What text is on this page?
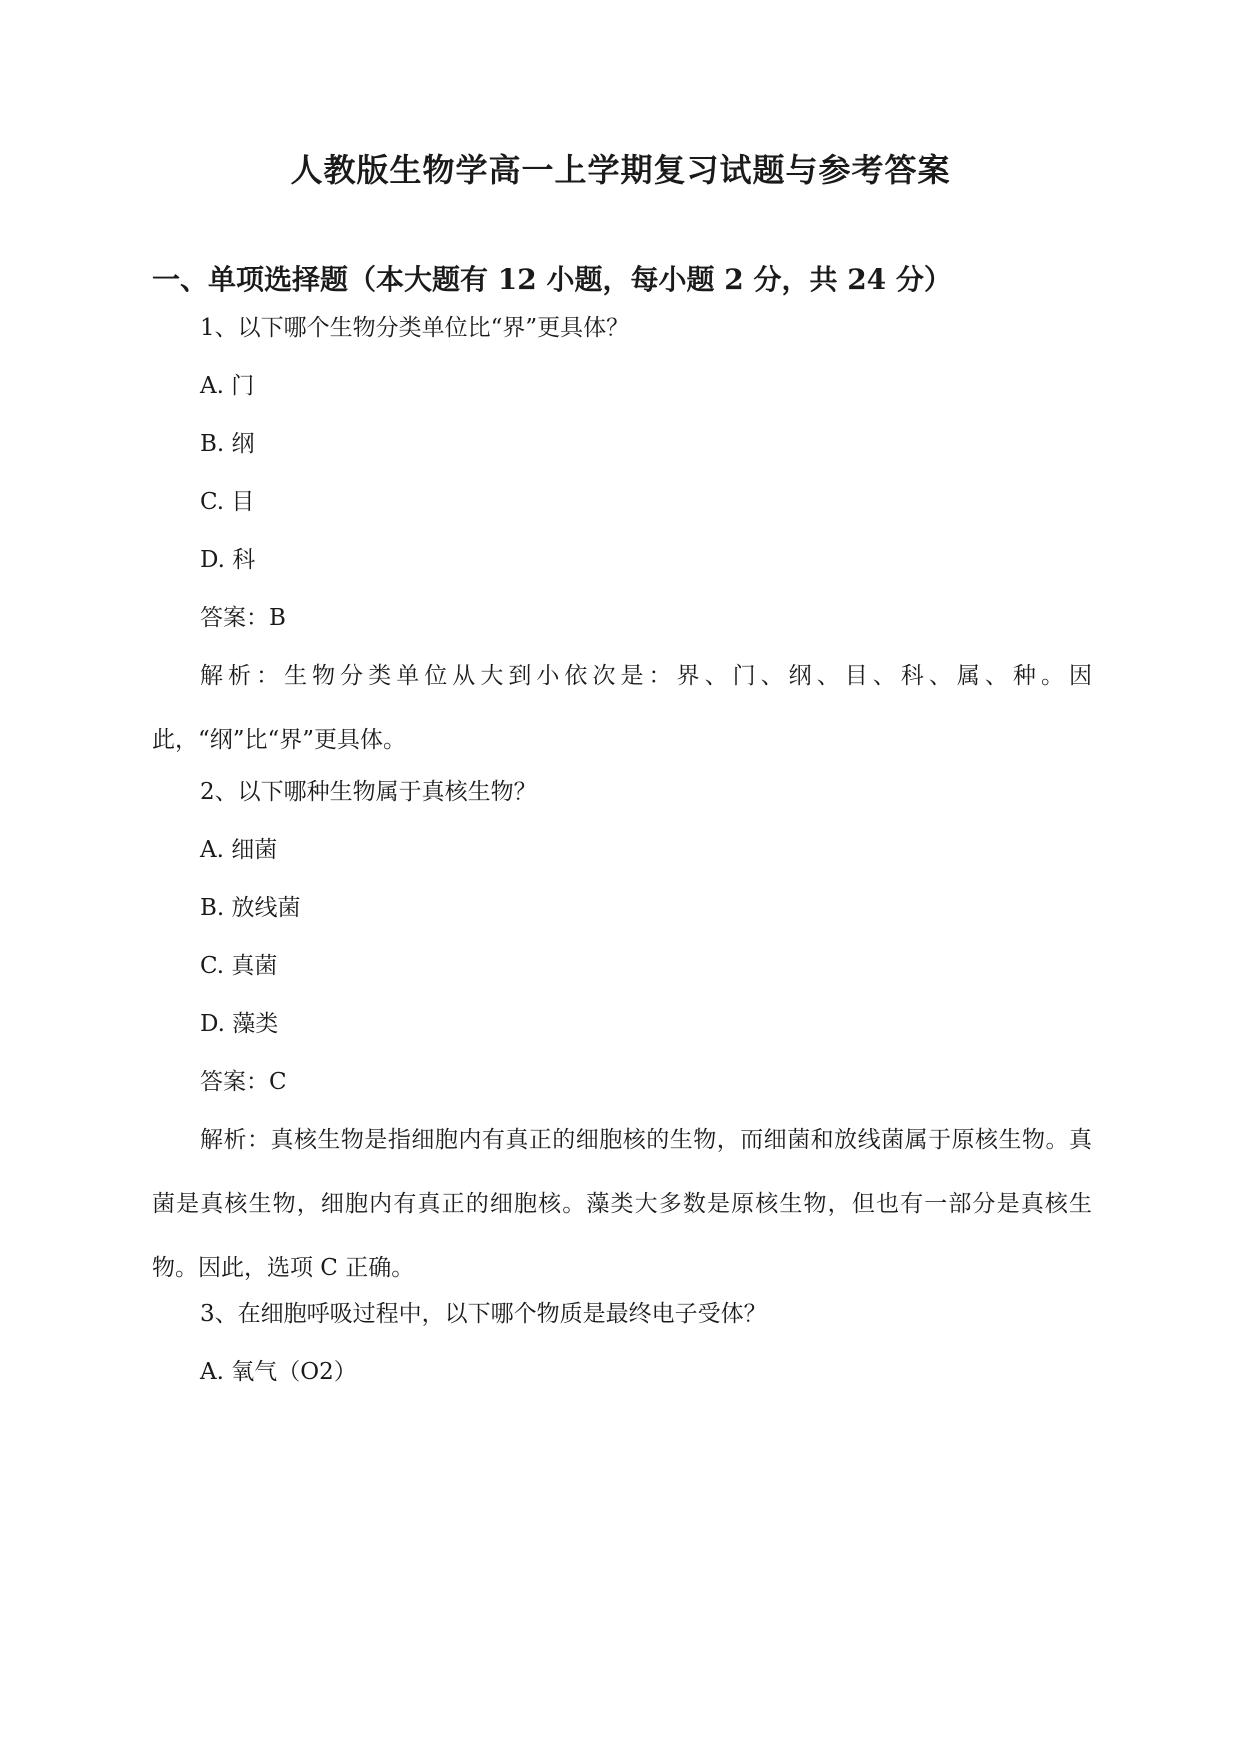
人教版生物学高一上学期复习试题与参考答案
一、单项选择题（本大题有 12 小题，每小题 2 分，共 24 分）
1、以下哪个生物分类单位比“界”更具体？
A. 门
B. 纲
C. 目
D. 科
答案：B
解析：生物分类单位从大到小依次是：界、门、纲、目、科、属、种。因此，“纲”比“界”更具体。
2、以下哪种生物属于真核生物？
A. 细菌
B. 放线菌
C. 真菌
D. 藻类
答案：C
解析：真核生物是指细胞内有真正的细胞核的生物，而细菌和放线菌属于原核生物。真菌是真核生物，细胞内有真正的细胞核。藻类大多数是原核生物，但也有一部分是真核生物。因此，选项 C 正确。
3、在细胞呼吸过程中，以下哪个物质是最终电子受体？
A. 氧气（O2）
